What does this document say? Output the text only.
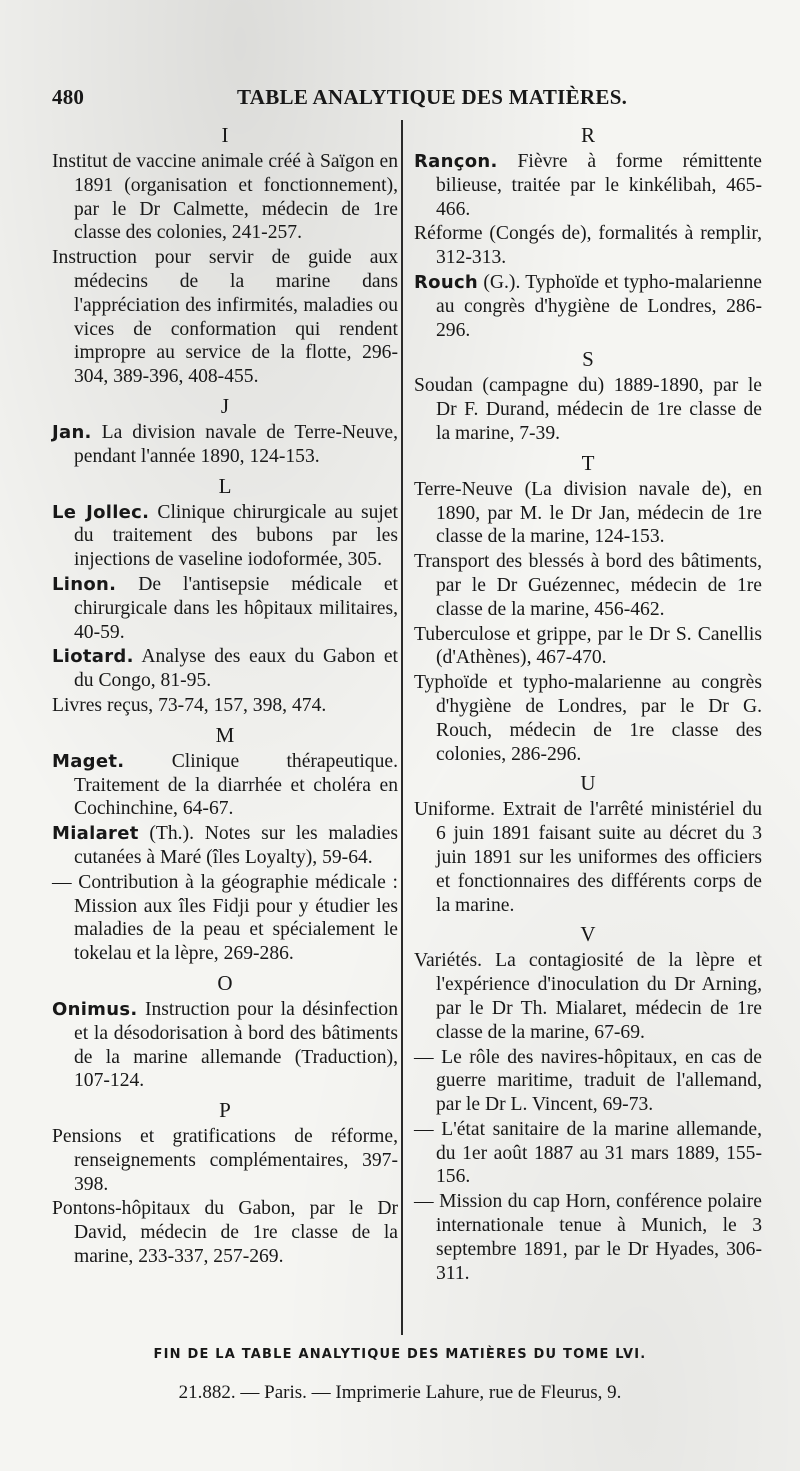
480	TABLE ANALYTIQUE DES MATIÈRES.
I
Institut de vaccine animale créé à Saïgon en 1891 (organisation et fonctionnement), par le Dr Calmette, médecin de 1re classe des colonies, 241-257.
Instruction pour servir de guide aux médecins de la marine dans l'appréciation des infirmités, maladies ou vices de conformation qui rendent impropre au service de la flotte, 296-304, 389-396, 408-455.
J
Jan. La division navale de Terre-Neuve, pendant l'année 1890, 124-153.
L
Le Jollec. Clinique chirurgicale au sujet du traitement des bubons par les injections de vaseline iodoformée, 305.
Linon. De l'antisepsie médicale et chirurgicale dans les hôpitaux militaires, 40-59.
Liotard. Analyse des eaux du Gabon et du Congo, 81-95.
Livres reçus, 73-74, 157, 398, 474.
M
Maget. Clinique thérapeutique. Traitement de la diarrhée et choléra en Cochinchine, 64-67.
Mialaret (Th.). Notes sur les maladies cutanées à Maré (îles Loyalty), 59-64.
— Contribution à la géographie médicale : Mission aux îles Fidji pour y étudier les maladies de la peau et spécialement le tokelau et la lèpre, 269-286.
O
Onimus. Instruction pour la désinfection et la désodorisation à bord des bâtiments de la marine allemande (Traduction), 107-124.
P
Pensions et gratifications de réforme, renseignements complémentaires, 397-398.
Pontons-hôpitaux du Gabon, par le Dr David, médecin de 1re classe de la marine, 233-337, 257-269.
R
Rançon. Fièvre à forme rémittente bilieuse, traitée par le kinkélibah, 465-466.
Réforme (Congés de), formalités à remplir, 312-313.
Rouch (G.). Typhoïde et typho-malarienne au congrès d'hygiène de Londres, 286-296.
S
Soudan (campagne du) 1889-1890, par le Dr F. Durand, médecin de 1re classe de la marine, 7-39.
T
Terre-Neuve (La division navale de), en 1890, par M. le Dr Jan, médecin de 1re classe de la marine, 124-153.
Transport des blessés à bord des bâtiments, par le Dr Guézennec, médecin de 1re classe de la marine, 456-462.
Tuberculose et grippe, par le Dr S. Canellis (d'Athènes), 467-470.
Typhoïde et typho-malarienne au congrès d'hygiène de Londres, par le Dr G. Rouch, médecin de 1re classe des colonies, 286-296.
U
Uniforme. Extrait de l'arrêté ministériel du 6 juin 1891 faisant suite au décret du 3 juin 1891 sur les uniformes des officiers et fonctionnaires des différents corps de la marine.
V
Variétés. La contagiosité de la lèpre et l'expérience d'inoculation du Dr Arning, par le Dr Th. Mialaret, médecin de 1re classe de la marine, 67-69.
— Le rôle des navires-hôpitaux, en cas de guerre maritime, traduit de l'allemand, par le Dr L. Vincent, 69-73.
— L'état sanitaire de la marine allemande, du 1er août 1887 au 31 mars 1889, 155-156.
— Mission du cap Horn, conférence polaire internationale tenue à Munich, le 3 septembre 1891, par le Dr Hyades, 306-311.
FIN DE LA TABLE ANALYTIQUE DES MATIÈRES DU TOME LVI.
21.882. — Paris. — Imprimerie Lahure, rue de Fleurus, 9.
